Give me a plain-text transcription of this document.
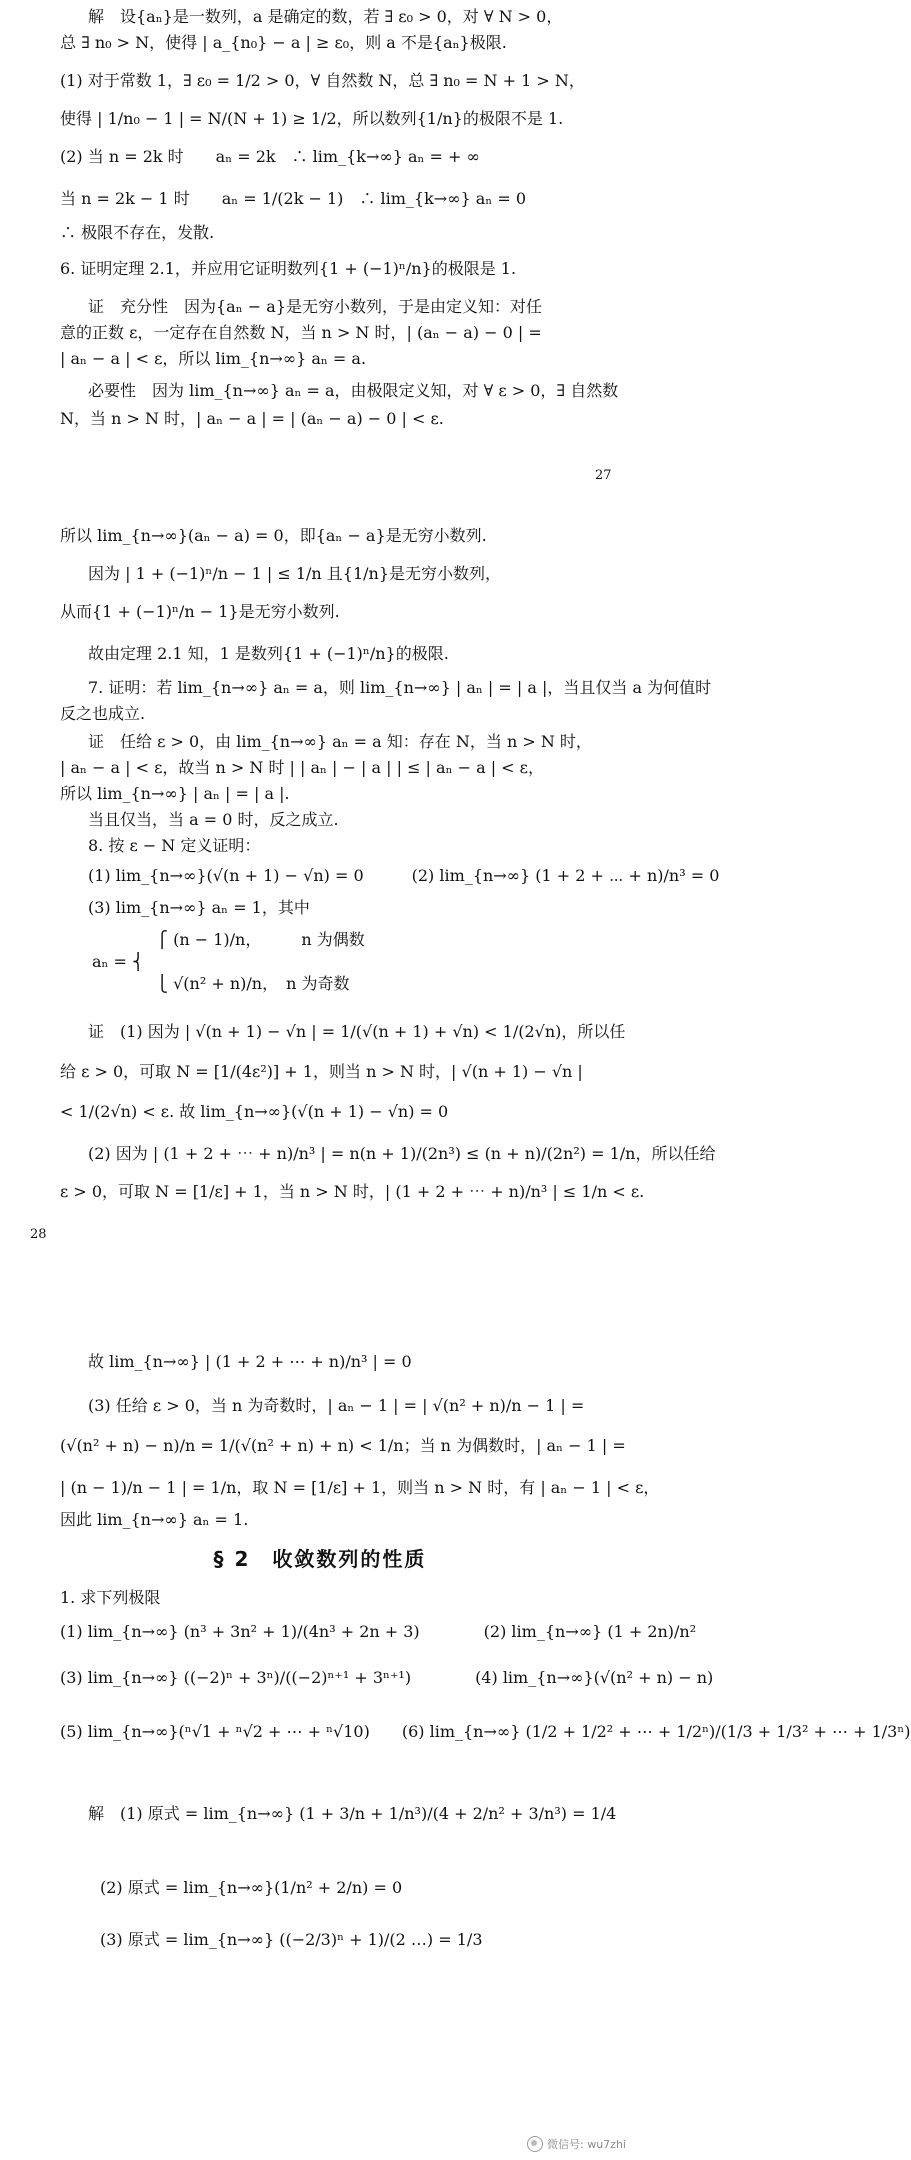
解　设{aₙ}是一数列，a 是确定的数，若 ∃ ε₀ > 0，对 ∀ N > 0，
总 ∃ n₀ > N，使得 | a_{n₀} − a | ≥ ε₀，则 a 不是{aₙ}极限.
(1) 对于常数 1，∃ ε₀ = 1/2 > 0，∀ 自然数 N，总 ∃ n₀ = N + 1 > N，
使得 | 1/n₀ − 1 | = N/(N + 1) ≥ 1/2，所以数列{1/n}的极限不是 1.
(2) 当 n = 2k 时　　aₙ = 2k　∴ lim_{k→∞} aₙ = + ∞
当 n = 2k − 1 时　　aₙ = 1/(2k − 1)　∴ lim_{k→∞} aₙ = 0
∴ 极限不存在，发散.
6. 证明定理 2.1，并应用它证明数列{1 + (−1)ⁿ/n}的极限是 1.
证　充分性　因为{aₙ − a}是无穷小数列，于是由定义知：对任
意的正数 ε，一定存在自然数 N，当 n > N 时，| (aₙ − a) − 0 | =
| aₙ − a | < ε，所以 lim_{n→∞} aₙ = a.
必要性　因为 lim_{n→∞} aₙ = a，由极限定义知，对 ∀ ε > 0，∃ 自然数
N，当 n > N 时，| aₙ − a | = | (aₙ − a) − 0 | < ε.
27
所以 lim_{n→∞}(aₙ − a) = 0，即{aₙ − a}是无穷小数列.
因为 | 1 + (−1)ⁿ/n − 1 | ≤ 1/n 且{1/n}是无穷小数列，
从而{1 + (−1)ⁿ/n − 1}是无穷小数列.
故由定理 2.1 知，1 是数列{1 + (−1)ⁿ/n}的极限.
7. 证明：若 lim_{n→∞} aₙ = a，则 lim_{n→∞} | aₙ | = | a |，当且仅当 a 为何值时
反之也成立.
证　任给 ε > 0，由 lim_{n→∞} aₙ = a 知：存在 N，当 n > N 时，
| aₙ − a | < ε，故当 n > N 时 | | aₙ | − | a | | ≤ | aₙ − a | < ε，
所以 lim_{n→∞} | aₙ | = | a |.
当且仅当，当 a = 0 时，反之成立.
8. 按 ε − N 定义证明：
(1) lim_{n→∞}(√(n + 1) − √n) = 0　　　(2) lim_{n→∞} (1 + 2 + ⋯ + n)/n³ = 0
(3) lim_{n→∞} aₙ = 1，其中
　　　　　　⎧ (n − 1)/n，　　　n 为偶数
　　aₙ = ⎨
　　　　　　⎩ √(n² + n)/n，　n 为奇数
证　(1) 因为 | √(n + 1) − √n | = 1/(√(n + 1) + √n) < 1/(2√n)，所以任
给 ε > 0，可取 N = [1/(4ε²)] + 1，则当 n > N 时，| √(n + 1) − √n |
< 1/(2√n) < ε. 故 lim_{n→∞}(√(n + 1) − √n) = 0
(2) 因为 | (1 + 2 + ⋯ + n)/n³ | = n(n + 1)/(2n³) ≤ (n + n)/(2n²) = 1/n，所以任给
ε > 0，可取 N = [1/ε] + 1，当 n > N 时，| (1 + 2 + ⋯ + n)/n³ | ≤ 1/n < ε.
28
故 lim_{n→∞} | (1 + 2 + ⋯ + n)/n³ | = 0
(3) 任给 ε > 0，当 n 为奇数时，| aₙ − 1 | = | √(n² + n)/n − 1 | =
(√(n² + n) − n)/n = 1/(√(n² + n) + n) < 1/n；当 n 为偶数时，| aₙ − 1 | =
| (n − 1)/n − 1 | = 1/n，取 N = [1/ε] + 1，则当 n > N 时，有 | aₙ − 1 | < ε，
因此 lim_{n→∞} aₙ = 1.
§ 2　收敛数列的性质
1. 求下列极限
(1) lim_{n→∞} (n³ + 3n² + 1)/(4n³ + 2n + 3)　　　　(2) lim_{n→∞} (1 + 2n)/n²
(3) lim_{n→∞} ((−2)ⁿ + 3ⁿ)/((−2)ⁿ⁺¹ + 3ⁿ⁺¹)　　　　(4) lim_{n→∞}(√(n² + n) − n)
(5) lim_{n→∞}(ⁿ√1 + ⁿ√2 + ⋯ + ⁿ√10)　　(6) lim_{n→∞} (1/2 + 1/2² + ⋯ + 1/2ⁿ)/(1/3 + 1/3² + ⋯ + 1/3ⁿ)
解　(1) 原式 = lim_{n→∞} (1 + 3/n + 1/n³)/(4 + 2/n² + 3/n³) = 1/4
(2) 原式 = lim_{n→∞}(1/n² + 2/n) = 0
(3) 原式 = lim_{n→∞} ((−2/3)ⁿ + 1)/(2 …) = 1/3
微信号: wu7zhi
